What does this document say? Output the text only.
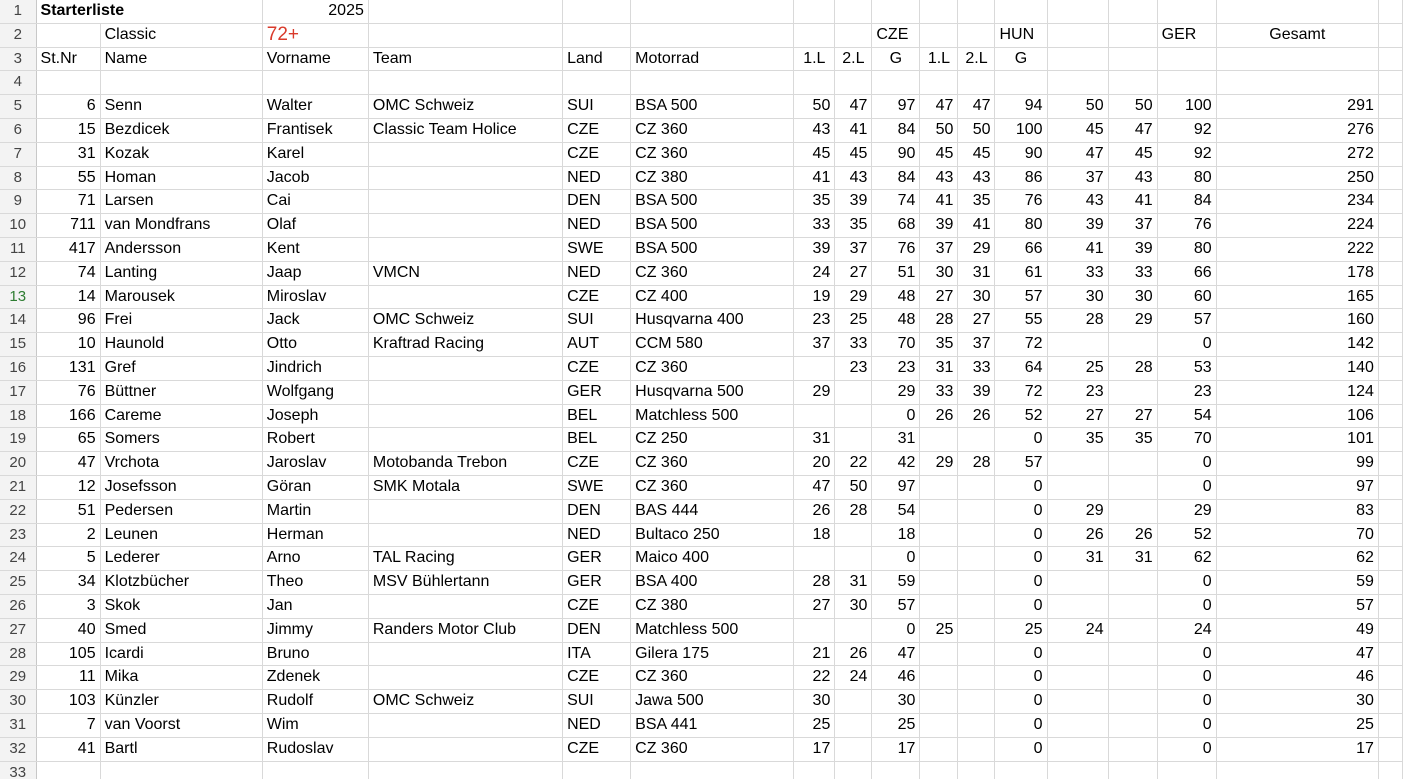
1	Starterliste		2025														
2		Classic	72+						CZE			HUN			GER	Gesamt	
3	St.Nr	Name	Vorname	Team	Land	Motorrad	1.L	2.L	G	1.L	2.L	G					
4																	
5	6	Senn	Walter	OMC Schweiz	SUI	BSA 500	50	47	97	47	47	94	50	50	100	291	
6	15	Bezdicek	Frantisek	Classic Team Holice	CZE	CZ 360	43	41	84	50	50	100	45	47	92	276	
7	31	Kozak	Karel		CZE	CZ 360	45	45	90	45	45	90	47	45	92	272	
8	55	Homan	Jacob		NED	CZ 380	41	43	84	43	43	86	37	43	80	250	
9	71	Larsen	Cai		DEN	BSA 500	35	39	74	41	35	76	43	41	84	234	
10	711	van Mondfrans	Olaf		NED	BSA 500	33	35	68	39	41	80	39	37	76	224	
11	417	Andersson	Kent		SWE	BSA 500	39	37	76	37	29	66	41	39	80	222	
12	74	Lanting	Jaap	VMCN	NED	CZ 360	24	27	51	30	31	61	33	33	66	178	
13	14	Marousek	Miroslav		CZE	CZ 400	19	29	48	27	30	57	30	30	60	165	
14	96	Frei	Jack	OMC Schweiz	SUI	Husqvarna 400	23	25	48	28	27	55	28	29	57	160	
15	10	Haunold	Otto	Kraftrad Racing	AUT	CCM 580	37	33	70	35	37	72			0	142	
16	131	Gref	Jindrich		CZE	CZ 360		23	23	31	33	64	25	28	53	140	
17	76	Büttner	Wolfgang		GER	Husqvarna 500	29		29	33	39	72	23		23	124	
18	166	Careme	Joseph		BEL	Matchless 500			0	26	26	52	27	27	54	106	
19	65	Somers	Robert		BEL	CZ 250	31		31			0	35	35	70	101	
20	47	Vrchota	Jaroslav	Motobanda Trebon	CZE	CZ 360	20	22	42	29	28	57			0	99	
21	12	Josefsson	Göran	SMK Motala	SWE	CZ 360	47	50	97			0			0	97	
22	51	Pedersen	Martin		DEN	BAS 444	26	28	54			0	29		29	83	
23	2	Leunen	Herman		NED	Bultaco 250	18		18			0	26	26	52	70	
24	5	Lederer	Arno	TAL Racing	GER	Maico 400			0			0	31	31	62	62	
25	34	Klotzbücher	Theo	MSV Bühlertann	GER	BSA 400	28	31	59			0			0	59	
26	3	Skok	Jan		CZE	CZ 380	27	30	57			0			0	57	
27	40	Smed	Jimmy	Randers Motor Club	DEN	Matchless 500			0	25		25	24		24	49	
28	105	Icardi	Bruno		ITA	Gilera 175	21	26	47			0			0	47	
29	11	Mika	Zdenek		CZE	CZ 360	22	24	46			0			0	46	
30	103	Künzler	Rudolf	OMC Schweiz	SUI	Jawa 500	30		30			0			0	30	
31	7	van Voorst	Wim		NED	BSA 441	25		25			0			0	25	
32	41	Bartl	Rudoslav		CZE	CZ 360	17		17			0			0	17	
33																	
